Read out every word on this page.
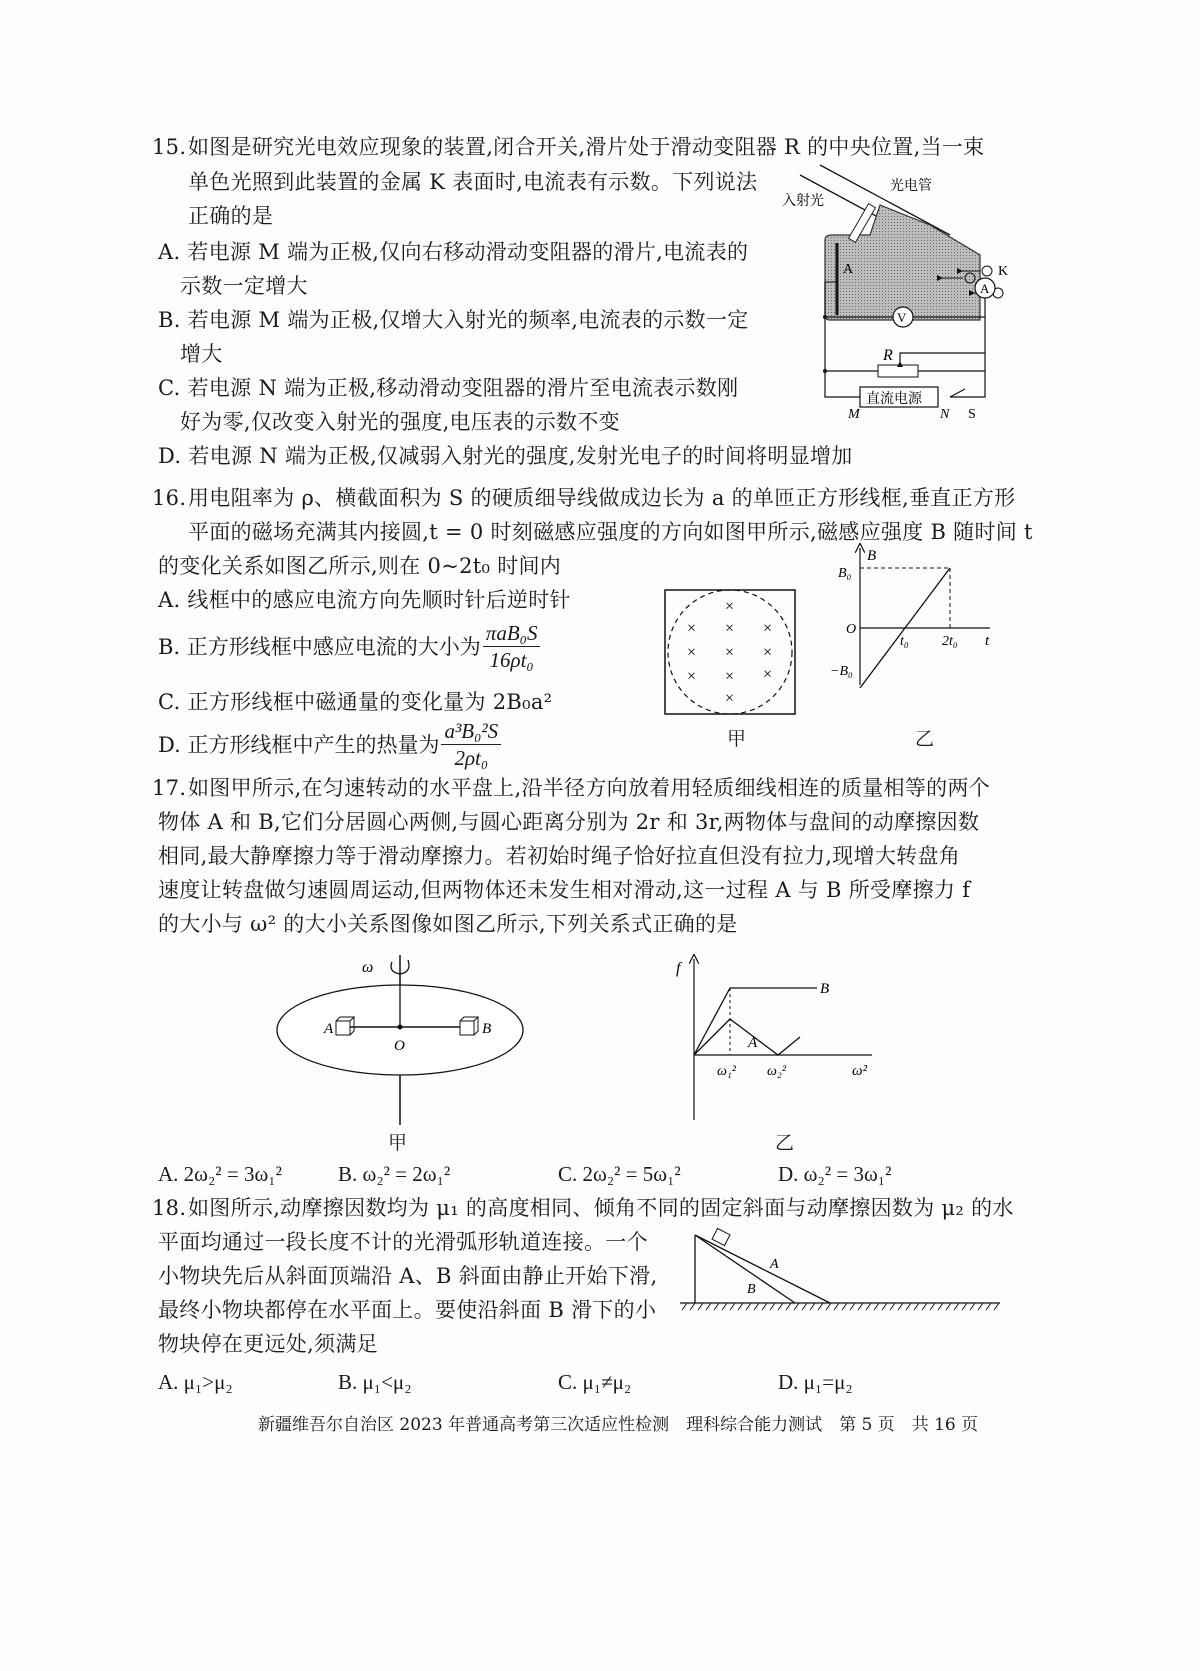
15. 如图是研究光电效应现象的装置,闭合开关,滑片处于滑动变阻器 R 的中央位置,当一束
单色光照到此装置的金属 K 表面时,电流表有示数。下列说法
正确的是
A. 若电源 M 端为正极,仅向右移动滑动变阻器的滑片,电流表的
示数一定增大
B. 若电源 M 端为正极,仅增大入射光的频率,电流表的示数一定
增大
C. 若电源 N 端为正极,移动滑动变阻器的滑片至电流表示数刚
好为零,仅改变入射光的强度,电压表的示数不变
D. 若电源 N 端为正极,仅减弱入射光的强度,发射光电子的时间将明显增加
入射光
光电管
A	K
A
V
R
直流电源
M	N S
16. 用电阻率为 ρ、横截面积为 S 的硬质细导线做成边长为 a 的单匝正方形线框,垂直正方形
平面的磁场充满其内接圆,t = 0 时刻磁感应强度的方向如图甲所示,磁感应强度 B 随时间 t
的变化关系如图乙所示,则在 0~2t₀ 时间内
A. 线框中的感应电流方向先顺时针后逆时针
B. 正方形线框中感应电流的大小为 $\frac{\text{πaB₀S}}{\text{16ρt₀}}$
C. 正方形线框中磁通量的变化量为 2B₀a²
D. 正方形线框中产生的热量为 $\frac{\text{a³B₀²S}}{\text{2ρt₀}}$
×
× × ×
× × ×
× × ×
×
甲
B
t
B₀
O
−B₀
t₀ 2t₀
乙
17. 如图甲所示,在匀速转动的水平盘上,沿半径方向放着用轻质细线相连的质量相等的两个
物体 A 和 B,它们分居圆心两侧,与圆心距离分别为 2r 和 3r,两物体与盘间的动摩擦因数
相同,最大静摩擦力等于滑动摩擦力。若初始时绳子恰好拉直但没有拉力,现增大转盘角
速度让转盘做匀速圆周运动,但两物体还未发生相对滑动,这一过程 A 与 B 所受摩擦力 f
的大小与 ω² 的大小关系图像如图乙所示,下列关系式正确的是
ω
A	B
O
甲
f
ω²
B
A
ω₁² ω₂²
乙
A. 2ω₂² = 3ω₁²	B. ω₂² = 2ω₁²	C. 2ω₂² = 5ω₁²	D. ω₂² = 3ω₁²
18. 如图所示,动摩擦因数均为 μ₁ 的高度相同、倾角不同的固定斜面与动摩擦因数为 μ₂ 的水
平面均通过一段长度不计的光滑弧形轨道连接。一个
小物块先后从斜面顶端沿 A、B 斜面由静止开始下滑,
最终小物块都停在水平面上。要使沿斜面 B 滑下的小
物块停在更远处,须满足
A
B
A. μ₁>μ₂	B. μ₁<μ₂	C. μ₁≠μ₂	D. μ₁=μ₂
新疆维吾尔自治区 2023 年普通高考第三次适应性检测　理科综合能力测试　第 5 页　共 16 页
